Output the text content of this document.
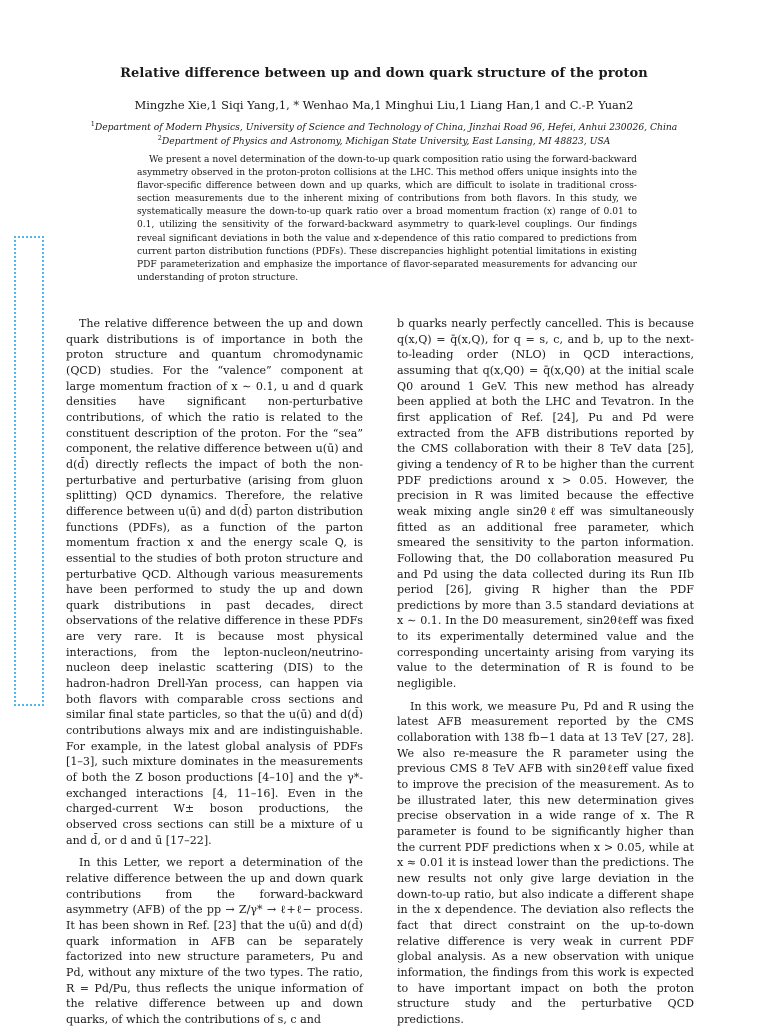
Relative difference between up and down quark structure of the proton
Mingzhe Xie,1 Siqi Yang,1, * Wenhao Ma,1 Minghui Liu,1 Liang Han,1 and C.-P. Yuan2
$^1$Department of Modern Physics, University of Science and Technology of China, Jinzhai Road 96, Hefei, Anhui 230026, China
$^2$Department of Physics and Astronomy, Michigan State University, East Lansing, MI 48823, USA

We present a novel determination of the down-to-up quark composition ratio using the forward-backward asymmetry observed in the proton-proton collisions at the LHC. This method offers unique insights into the flavor-specific difference between down and up quarks, which are difficult to isolate in traditional cross-section measurements due to the inherent mixing of contributions from both flavors. In this study, we systematically measure the down-to-up quark ratio over a broad momentum fraction (x) range of 0.01 to 0.1, utilizing the sensitivity of the forward-backward asymmetry to quark-level couplings. Our findings reveal significant deviations in both the value and x-dependence of this ratio compared to predictions from current parton distribution functions (PDFs). These discrepancies highlight potential limitations in existing PDF parameterization and emphasize the importance of flavor-separated measurements for advancing our understanding of proton structure.

The relative difference between the up and down quark distributions is of importance in both the proton structure and quantum chromodynamic (QCD) studies. For the “valence” component at large momentum fraction of x ∼ 0.1, u and d quark densities have significant non-perturbative contributions, of which the ratio is related to the constituent description of the proton. For the “sea” component, the relative difference between u(ū) and d(d̄) directly reflects the impact of both the non-perturbative and perturbative (arising from gluon splitting) QCD dynamics. Therefore, the relative difference between u(ū) and d(d̄) parton distribution functions (PDFs), as a function of the parton momentum fraction x and the energy scale Q, is essential to the studies of both proton structure and perturbative QCD. Although various measurements have been performed to study the up and down quark distributions in past decades, direct observations of the relative difference in these PDFs are very rare. It is because most physical interactions, from the lepton-nucleon/neutrino-nucleon deep inelastic scattering (DIS) to the hadron-hadron Drell-Yan process, can happen via both flavors with comparable cross sections and similar final state particles, so that the u(ū) and d(d̄) contributions always mix and are indistinguishable. For example, in the latest global analysis of PDFs [1–3], such mixture dominates in the measurements of both the Z boson productions [4–10] and the γ*-exchanged interactions [4, 11–16]. Even in the charged-current W± boson productions, the observed cross sections can still be a mixture of u and d̄, or d and ū [17–22].

In this Letter, we report a determination of the relative difference between the up and down quark contributions from the forward-backward asymmetry (AFB) of the pp → Z/γ* → ℓ+ℓ− process. It has been shown in Ref. [23] that the u(ū) and d(d̄) quark information in AFB can be separately factorized into new structure parameters, Pu and Pd, without any mixture of the two types. The ratio, R = Pd/Pu, thus reflects the unique information of the relative difference between up and down quarks, of which the contributions of s, c and

b quarks nearly perfectly cancelled. This is because q(x,Q) = q̄(x,Q), for q = s, c, and b, up to the next-to-leading order (NLO) in QCD interactions, assuming that q(x,Q0) = q̄(x,Q0) at the initial scale Q0 around 1 GeV. This new method has already been applied at both the LHC and Tevatron. In the first application of Ref. [24], Pu and Pd were extracted from the AFB distributions reported by the CMS collaboration with their 8 TeV data [25], giving a tendency of R to be higher than the current PDF predictions around x > 0.05. However, the precision in R was limited because the effective weak mixing angle sin2θℓeff was simultaneously fitted as an additional free parameter, which smeared the sensitivity to the parton information. Following that, the D0 collaboration measured Pu and Pd using the data collected during its Run IIb period [26], giving R higher than the PDF predictions by more than 3.5 standard deviations at x ∼ 0.1. In the D0 measurement, sin2θℓeff was fixed to its experimentally determined value and the corresponding uncertainty arising from varying its value to the determination of R is found to be negligible.

In this work, we measure Pu, Pd and R using the latest AFB measurement reported by the CMS collaboration with 138 fb−1 data at 13 TeV [27, 28]. We also re-measure the R parameter using the previous CMS 8 TeV AFB with sin2θℓeff value fixed to improve the precision of the measurement. As to be illustrated later, this new determination gives precise observation in a wide range of x. The R parameter is found to be significantly higher than the current PDF predictions when x > 0.05, while at x ≈ 0.01 it is instead lower than the predictions. The new results not only give large deviation in the down-to-up ratio, but also indicate a different shape in the x dependence. The deviation also reflects the fact that direct constraint on the up-to-down relative difference is very weak in current PDF global analysis. As a new observation with unique information, the findings from this work is expected to have important impact on both the proton structure study and the perturbative QCD predictions.
